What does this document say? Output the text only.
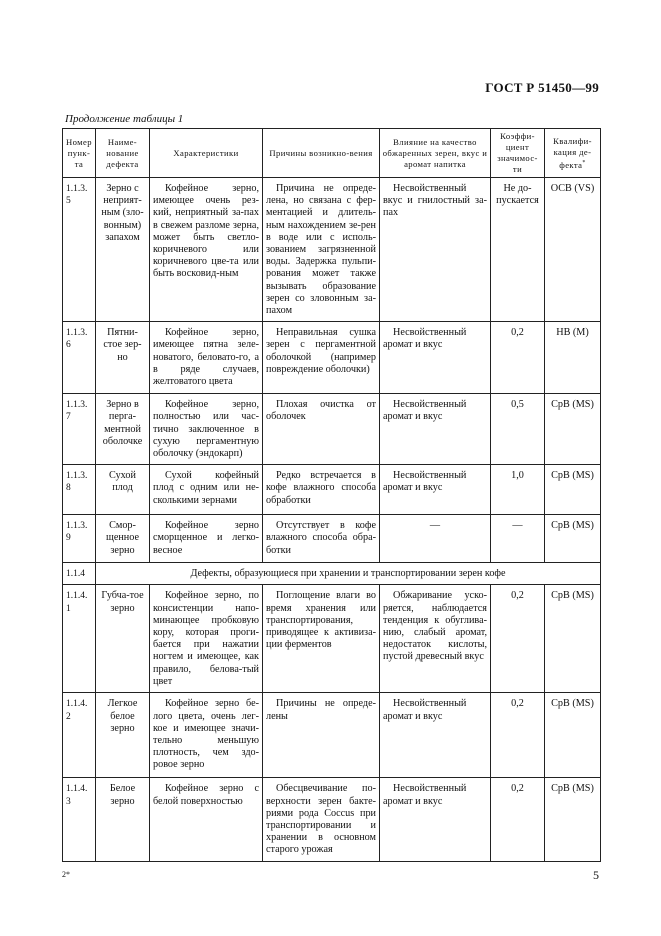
ГОСТ Р 51450—99
Продолжение таблицы 1
Номер пунк-та	Наиме-нование дефекта	Характеристики	Причины возникно-вения	Влияние на качество обжаренных зерен, вкус и аромат напитка	Коэффи-циент значимос-ти	Квалифи-кация де-фекта*
1.1.3.5	Зерно с неприят-ным (зло-вонным) запахом	Кофейное зерно, имеющее очень рез-кий, неприятный за-пах в свежем разломе зерна, может быть светло-коричневого или коричневого цве-та или быть восковид-ным	Причина не опреде-лена, но связана с фер-ментацией и длитель-ным нахождением зе-рен в воде или с исполь-зованием загрязненной воды. Задержка пульпи-рования может также вызывать образование зерен со зловонным за-пахом	Несвойственный вкус и гнилостный за-пах	Не до-пускается	ОСВ (VS)
1.1.3.6	Пятни-стое зер-но	Кофейное зерно, имеющее пятна зеле-новатого, беловато-го, а в ряде случаев, желтоватого цвета	Неправильная сушка зерен с пергаментной оболочкой (например повреждение оболочки)	Несвойственный аромат и вкус	0,2	НВ (М)
1.1.3.7	Зерно в перга-ментной оболочке	Кофейное зерно, полностью или час-тично заключенное в сухую пергаментную оболочку (эндокарп)	Плохая очистка от оболочек	Несвойственный аромат и вкус	0,5	СрВ (MS)
1.1.3.8	Сухой плод	Сухой кофейный плод с одним или не-сколькими зернами	Редко встречается в кофе влажного способа обработки	Несвойственный аромат и вкус	1,0	СрВ (MS)
1.1.3.9	Смор-щенное зерно	Кофейное зерно сморщенное и легко-весное	Отсутствует в кофе влажного способа обра-ботки	—	—	СрВ (MS)
1.1.4	Дефекты, образующиеся при хранении и транспортировании зерен кофе					
1.1.4.1	Губча-тое зерно	Кофейное зерно, по консистенции напо-минающее пробковую кору, которая проги-бается при нажатии ногтем и имеющее, как правило, белова-тый цвет	Поглощение влаги во время хранения или транспортирования, приводящее к активиза-ции ферментов	Обжаривание уско-ряется, наблюдается тенденция к обуглива-нию, слабый аромат, недостаток кислоты, пустой древесный вкус	0,2	СрВ (MS)
1.1.4.2	Легкое белое зерно	Кофейное зерно бе-лого цвета, очень лег-кое и имеющее значи-тельно меньшую плотность, чем здо-ровое зерно	Причины не опреде-лены	Несвойственный аромат и вкус	0,2	СрВ (MS)
1.1.4.3	Белое зерно	Кофейное зерно с белой поверхностью	Обесцвечивание по-верхности зерен бакте-риями рода Coccus при транспортировании и хранении в основном старого урожая	Несвойственный аромат и вкус	0,2	СрВ (MS)
2*	5
